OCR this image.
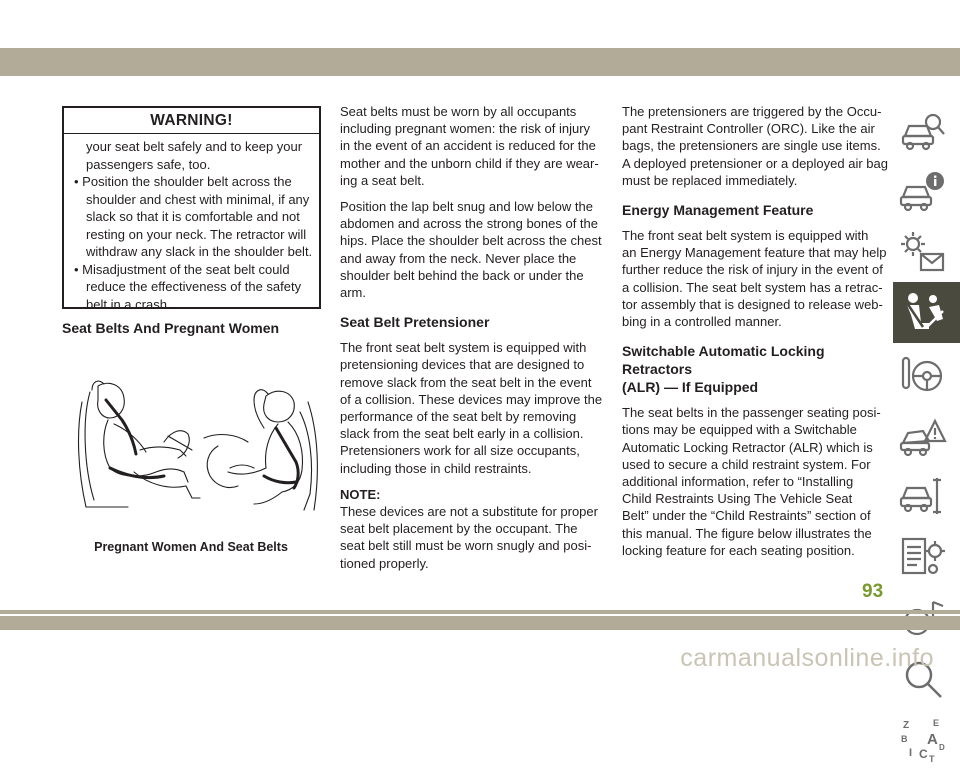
WARNING!
your seat belt safely and to keep your
passengers safe, too.
• Position the shoulder belt across the
shoulder and chest with minimal, if any
slack so that it is comfortable and not
resting on your neck. The retractor will
withdraw any slack in the shoulder belt.
• Misadjustment of the seat belt could
reduce the effectiveness of the safety
belt in a crash.
Seat Belts And Pregnant Women
Pregnant Women And Seat Belts

Seat belts must be worn by all occupants
including pregnant women: the risk of injury
in the event of an accident is reduced for the
mother and the unborn child if they are wear-
ing a seat belt.

Position the lap belt snug and low below the
abdomen and across the strong bones of the
hips. Place the shoulder belt across the chest
and away from the neck. Never place the
shoulder belt behind the back or under the
arm.

Seat Belt Pretensioner

The front seat belt system is equipped with
pretensioning devices that are designed to
remove slack from the seat belt in the event
of a collision. These devices may improve the
performance of the seat belt by removing
slack from the seat belt early in a collision.
Pretensioners work for all size occupants,
including those in child restraints.

NOTE:
These devices are not a substitute for proper
seat belt placement by the occupant. The
seat belt still must be worn snugly and posi-
tioned properly.

The pretensioners are triggered by the Occu-
pant Restraint Controller (ORC). Like the air
bags, the pretensioners are single use items.
A deployed pretensioner or a deployed air bag
must be replaced immediately.

Energy Management Feature

The front seat belt system is equipped with
an Energy Management feature that may help
further reduce the risk of injury in the event of
a collision. The seat belt system has a retrac-
tor assembly that is designed to release web-
bing in a controlled manner.

Switchable Automatic Locking Retractors
(ALR) — If Equipped

The seat belts in the passenger seating posi-
tions may be equipped with a Switchable
Automatic Locking Retractor (ALR) which is
used to secure a child restraint system. For
additional information, refer to “Installing
Child Restraints Using The Vehicle Seat
Belt” under the “Child Restraints” section of
this manual. The figure below illustrates the
locking feature for each seating position.

Z	E
B A D
I C T
93
carmanualsonline.info
